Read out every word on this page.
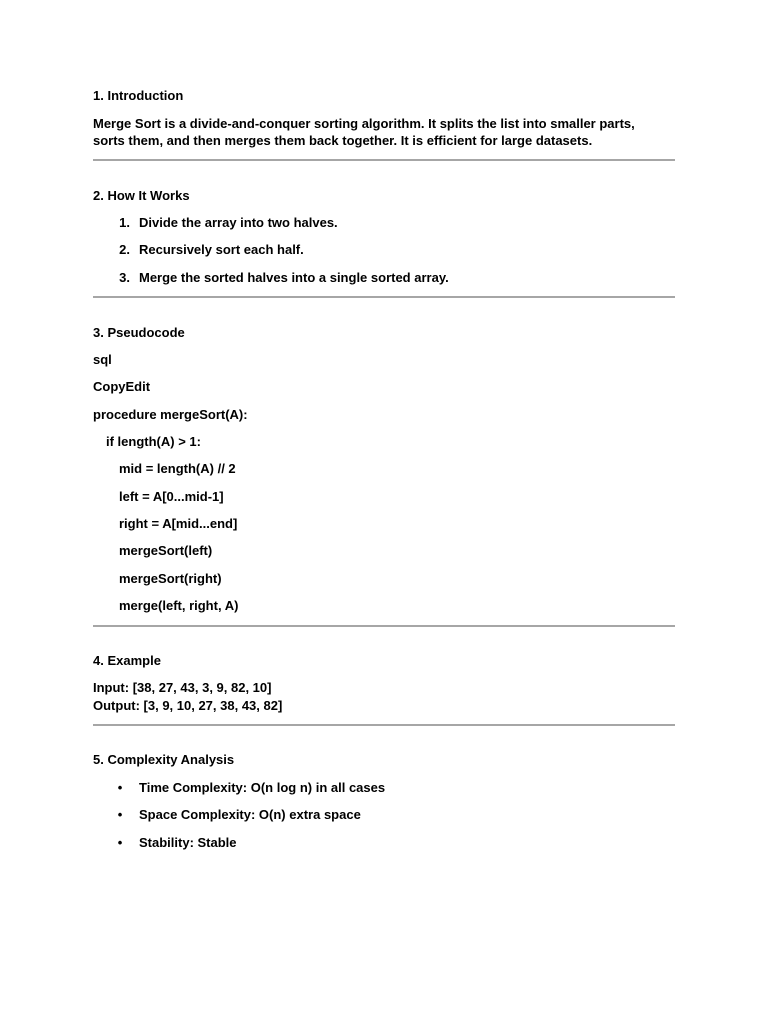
1. Introduction
Merge Sort is a divide-and-conquer sorting algorithm. It splits the list into smaller parts, sorts them, and then merges them back together. It is efficient for large datasets.
2. How It Works
1. Divide the array into two halves.
2. Recursively sort each half.
3. Merge the sorted halves into a single sorted array.
3. Pseudocode
sql
CopyEdit
procedure mergeSort(A):
if length(A) > 1:
mid = length(A) // 2
left = A[0...mid-1]
right = A[mid...end]
mergeSort(left)
mergeSort(right)
merge(left, right, A)
4. Example
Input: [38, 27, 43, 3, 9, 82, 10]
Output: [3, 9, 10, 27, 38, 43, 82]
5. Complexity Analysis
• Time Complexity: O(n log n) in all cases
• Space Complexity: O(n) extra space
• Stability: Stable
